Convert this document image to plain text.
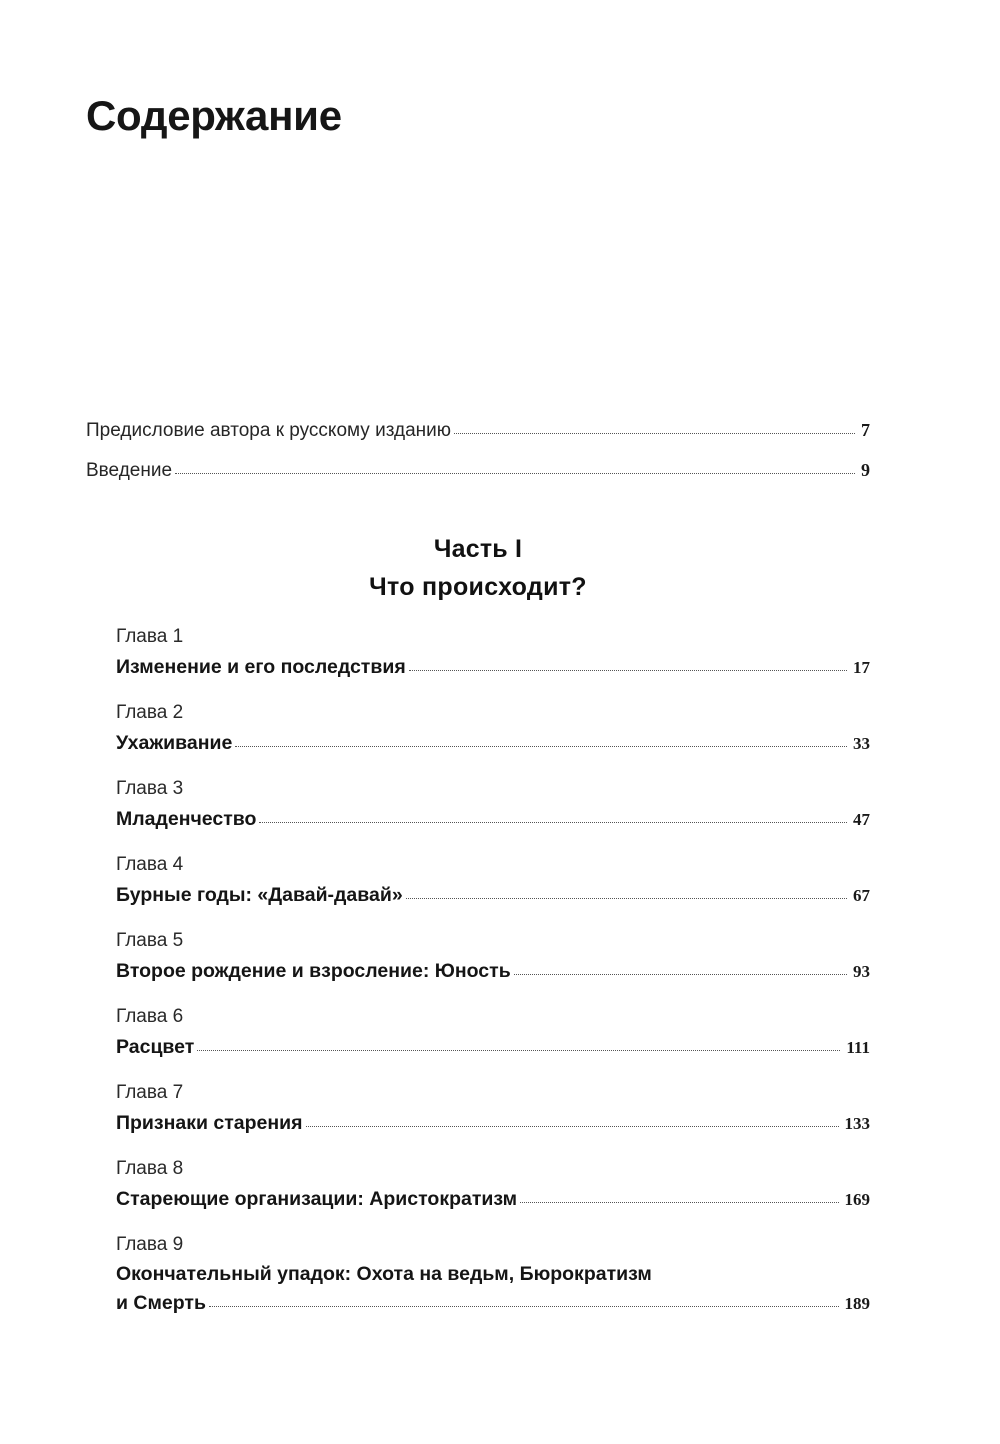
Содержание
Предисловие автора к русскому изданию	7
Введение	9
Часть I
Что происходит?
Глава 1
Изменение и его последствия	17
Глава 2
Ухаживание	33
Глава 3
Младенчество	47
Глава 4
Бурные годы: «Давай-давай»	67
Глава 5
Второе рождение и взросление: Юность	93
Глава 6
Расцвет	111
Глава 7
Признаки старения	133
Глава 8
Стареющие организации: Аристократизм	169
Глава 9
Окончательный упадок: Охота на ведьм, Бюрократизм
и Смерть	189
